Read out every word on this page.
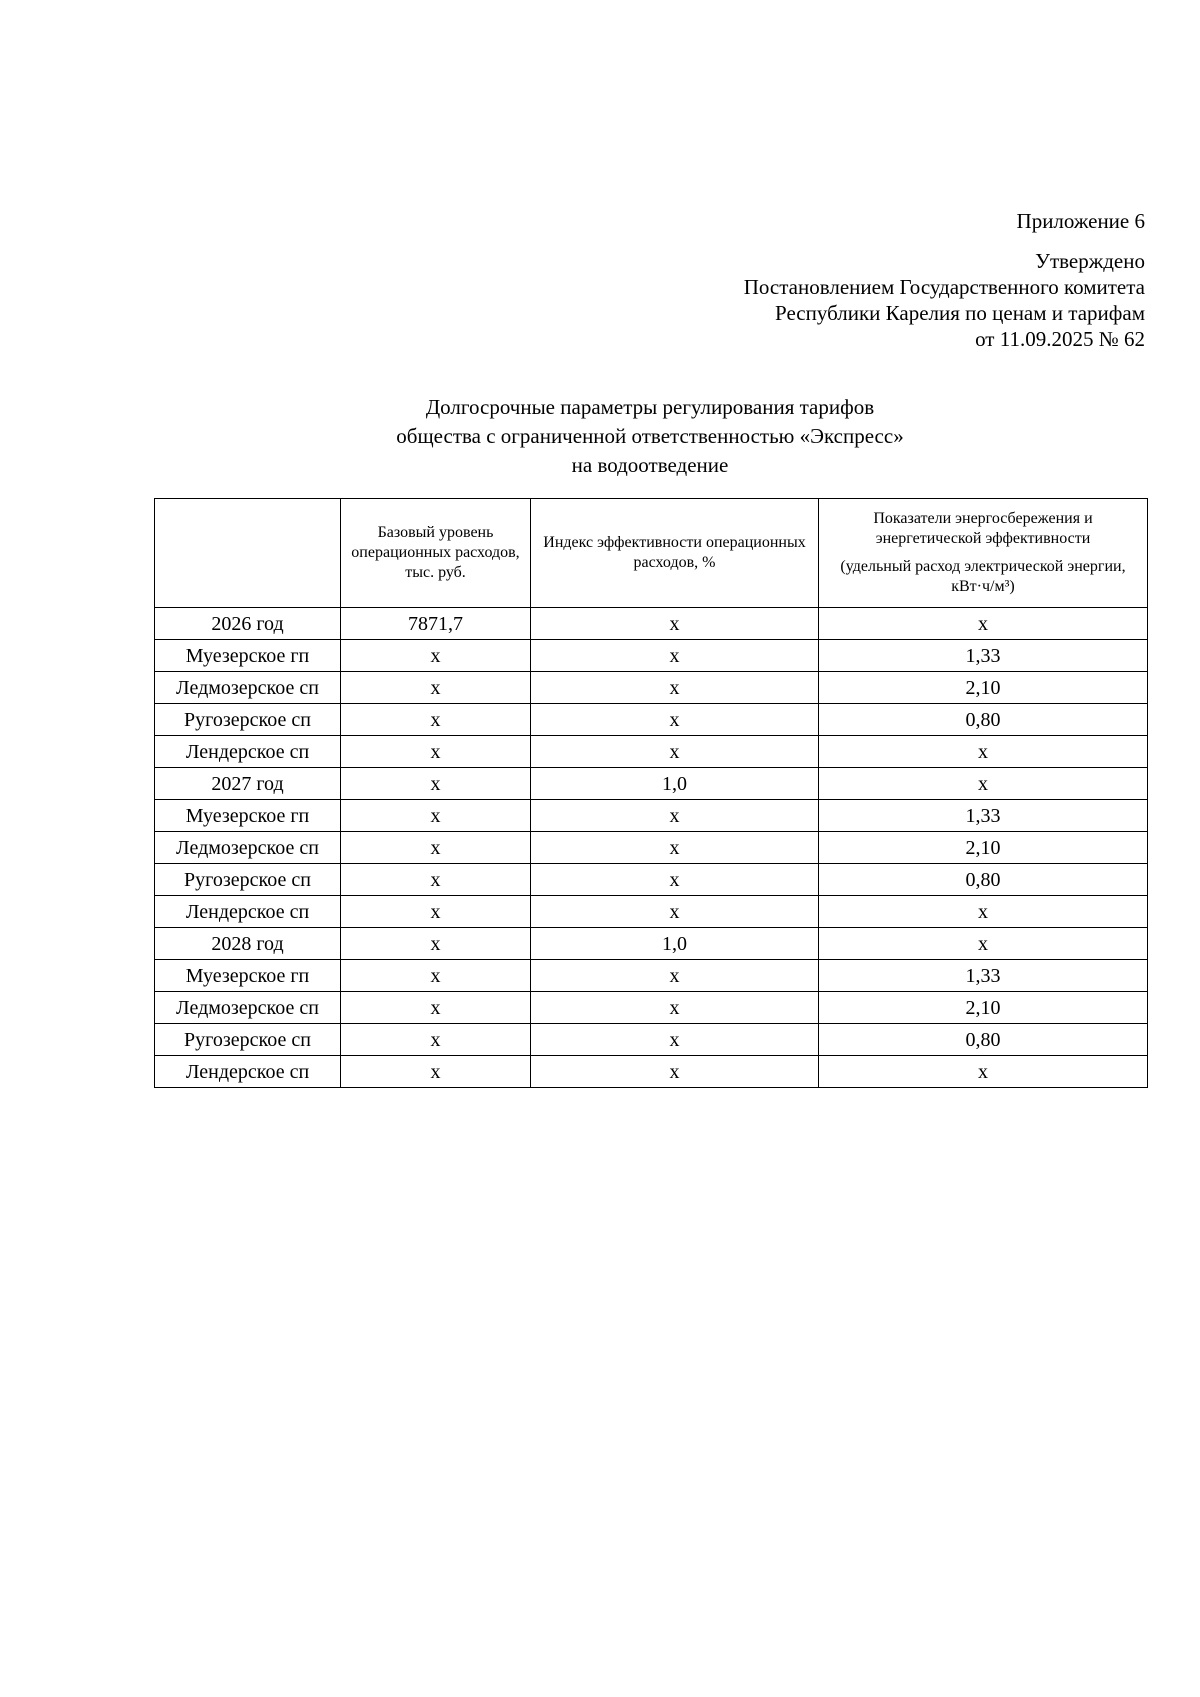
Приложение 6
Утверждено
Постановлением Государственного комитета
Республики Карелия по ценам и тарифам
от 11.09.2025 № 62
Долгосрочные параметры регулирования тарифов
общества с ограниченной ответственностью «Экспресс»
на водоотведение
	Базовый уровень операционных расходов, тыс. руб.	Индекс эффективности операционных расходов, %	Показатели энергосбережения и энергетической эффективности
(удельный расход электрической энергии, кВт·ч/м³)

2026 год	7871,7	х	х
Муезерское гп	х	х	1,33
Ледмозерское сп	х	х	2,10
Ругозерское сп	х	х	0,80
Лендерское сп	х	х	х
2027 год	х	1,0	х
Муезерское гп	х	х	1,33
Ледмозерское сп	х	х	2,10
Ругозерское сп	х	х	0,80
Лендерское сп	х	х	х
2028 год	х	1,0	х
Муезерское гп	х	х	1,33
Ледмозерское сп	х	х	2,10
Ругозерское сп	х	х	0,80
Лендерское сп	х	х	х
